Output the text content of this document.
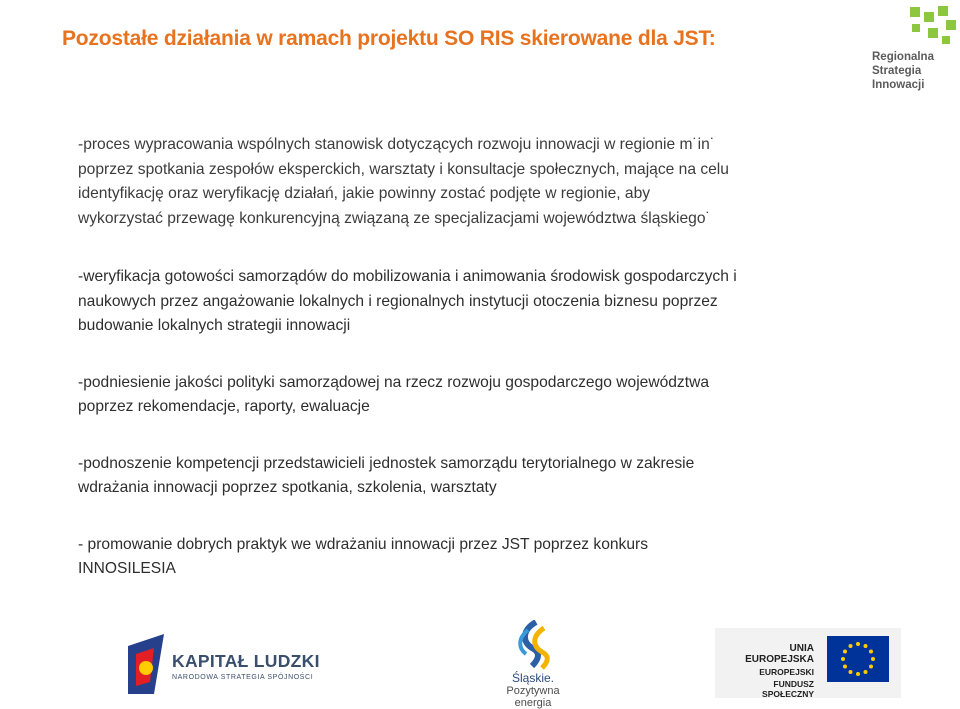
Pozostałe działania w ramach projektu SO RIS skierowane dla JST:
Regionalna
Strategia
Innowacji

-proces wypracowania wspólnych stanowisk dotyczących rozwoju innowacji w regionie m˙in˙ poprzez spotkania zespołów eksperckich, warsztaty i konsultacje społecznych, mające na celu identyfikację oraz weryfikację działań, jakie powinny zostać podjęte w regionie, aby wykorzystać przewagę konkurencyjną związaną ze specjalizacjami województwa śląskiego˙

-weryfikacja gotowości samorządów do mobilizowania i animowania środowisk gospodarczych i naukowych przez angażowanie lokalnych i regionalnych instytucji otoczenia biznesu poprzez budowanie lokalnych strategii innowacji

-podniesienie jakości polityki samorządowej na rzecz rozwoju gospodarczego województwa poprzez rekomendacje, raporty, ewaluacje

-podnoszenie kompetencji przedstawicieli jednostek samorządu terytorialnego w zakresie wdrażania innowacji poprzez spotkania, szkolenia, warsztaty

- promowanie dobrych praktyk we wdrażaniu innowacji przez JST poprzez konkurs INNOSILESIA

KAPITAŁ LUDZKI
NARODOWA STRATEGIA SPÓJNOŚCI	Śląskie.
Pozytywna energia
UNIA EUROPEJSKA
EUROPEJSKI
FUNDUSZ SPOŁECZNY
